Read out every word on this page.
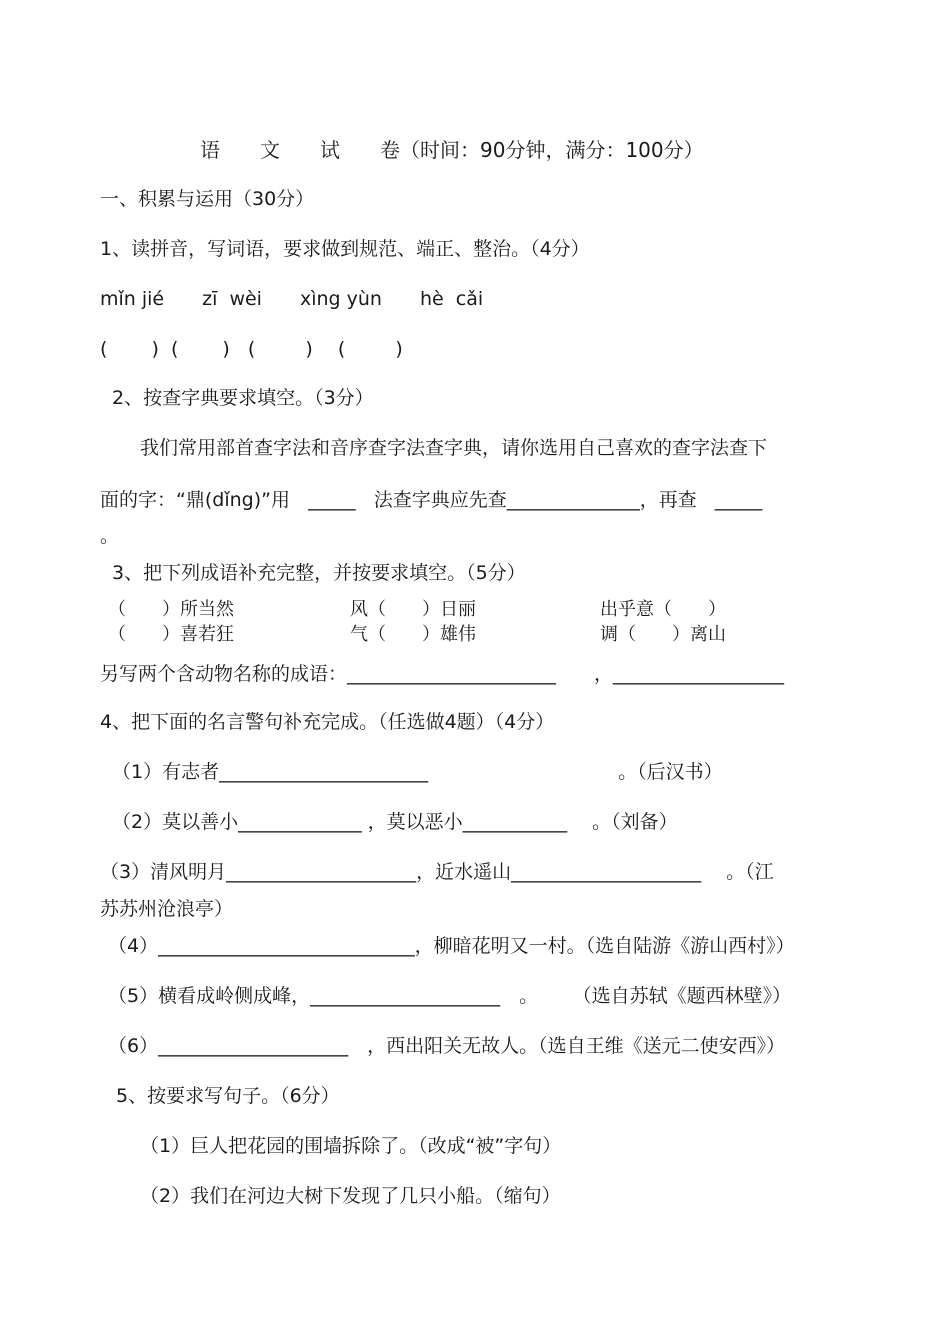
语　　文　　试　　卷（时间：90分钟，满分：100分）
一、积累与运用（30分）
1、读拼音，写词语，要求做到规范、端正、整治。（4分）
mǐn jié　　zī  wèi　　xìng yùn　　hè  cǎi
(　　 )  (　　 )   (　　  )　 (　　  )
2、按查字典要求填空。（3分）
我们常用部首查字法和音序查字法查字典，请你选用自己喜欢的查字法查下
面的字：“鼎(dǐng)”用   _____   法查字典应先查______________，再查   _____
。
3、把下列成语补充完整，并按要求填空。（5分）
（　　）所当然	风（　　）日丽	出乎意（　　）
（　　）喜若狂	气（　　）雄伟	调（　　）离山
另写两个含动物名称的成语：______________________　　，__________________
4、把下面的名言警句补充完成。（任选做4题）（4分）
（1）有志者______________________　　　　　　　　　　。（后汉书）
（2）莫以善小_____________ ，莫以恶小___________　 。（刘备）
（3）清风明月____________________，近水遥山____________________　 。（江
苏苏州沧浪亭）
（4）___________________________，柳暗花明又一村。（选自陆游《游山西村》）
（5）横看成岭侧成峰，____________________　。　　 （选自苏轼《题西林壁》）
（6）____________________　，西出阳关无故人。（选自王维《送元二使安西》）
5、按要求写句子。（6分）
（1）巨人把花园的围墙拆除了。（改成“被”字句）
（2）我们在河边大树下发现了几只小船。（缩句）
